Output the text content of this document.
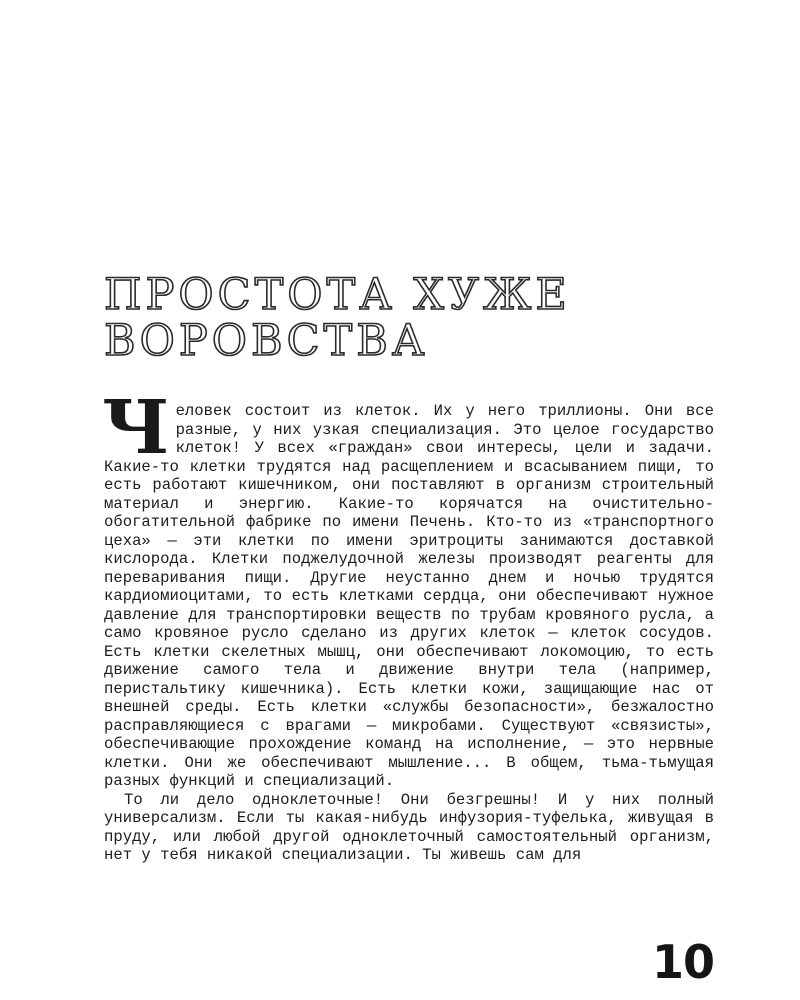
ПРОСТОТА ХУЖЕ
ВОРОВСТВА

Человек состоит из клеток. Их у него триллионы. Они все разные, у них узкая специализация. Это целое государство клеток! У всех «граждан» свои интересы, цели и задачи. Какие-то клетки трудятся над расщеплением и всасыванием пищи, то есть работают кишечником, они поставляют в организм строительный материал и энергию. Какие-то корячатся на очистительно-обогатительной фабрике по имени Печень. Кто-то из «транспортного цеха» — эти клетки по имени эритроциты занимаются доставкой кислорода. Клетки поджелудочной железы производят реагенты для переваривания пищи. Другие неустанно днем и ночью трудятся кардиомиоцитами, то есть клетками сердца, они обеспечивают нужное давление для транспортировки веществ по трубам кровяного русла, а само кровяное русло сделано из других клеток — клеток сосудов. Есть клетки скелетных мышц, они обеспечивают локомоцию, то есть движение самого тела и движение внутри тела (например, перистальтику кишечника). Есть клетки кожи, защищающие нас от внешней среды. Есть клетки «службы безопасности», безжалостно расправляющиеся с врагами — микробами. Существуют «связисты», обеспечивающие прохождение команд на исполнение, — это нервные клетки. Они же обеспечивают мышление... В общем, тьма-тьмущая разных функций и специализаций.

То ли дело одноклеточные! Они безгрешны! И у них полный универсализм. Если ты какая-нибудь инфузория-туфелька, живущая в пруду, или любой другой одноклеточный самостоятельный организм, нет у тебя никакой специализации. Ты живешь сам для

10
